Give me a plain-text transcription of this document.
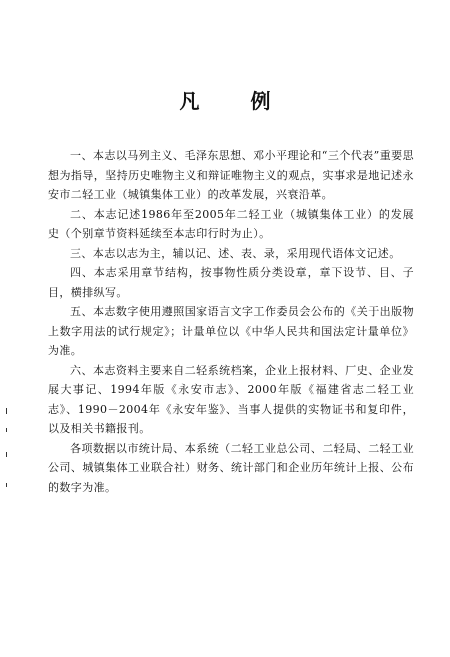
凡 例

一、本志以马列主义、毛泽东思想、邓小平理论和“三个代表”重要思想为指导，坚持历史唯物主义和辩证唯物主义的观点，实事求是地记述永安市二轻工业（城镇集体工业）的改革发展，兴衰沿革。

二、本志记述1986年至2005年二轻工业（城镇集体工业）的发展史（个别章节资料延续至本志印行时为止）。

三、本志以志为主，辅以记、述、表、录，采用现代语体文记述。

四、本志采用章节结构，按事物性质分类设章，章下设节、目、子目，横排纵写。

五、本志数字使用遵照国家语言文字工作委员会公布的《关于出版物上数字用法的试行规定》；计量单位以《中华人民共和国法定计量单位》为准。

六、本志资料主要来自二轻系统档案，企业上报材料、厂史、企业发展大事记、1994年版《永安市志》、2000年版《福建省志二轻工业志》、1990－2004年《永安年鉴》、当事人提供的实物证书和复印件，以及相关书籍报刊。

各项数据以市统计局、本系统（二轻工业总公司、二轻局、二轻工业公司、城镇集体工业联合社）财务、统计部门和企业历年统计上报、公布的数字为准。
